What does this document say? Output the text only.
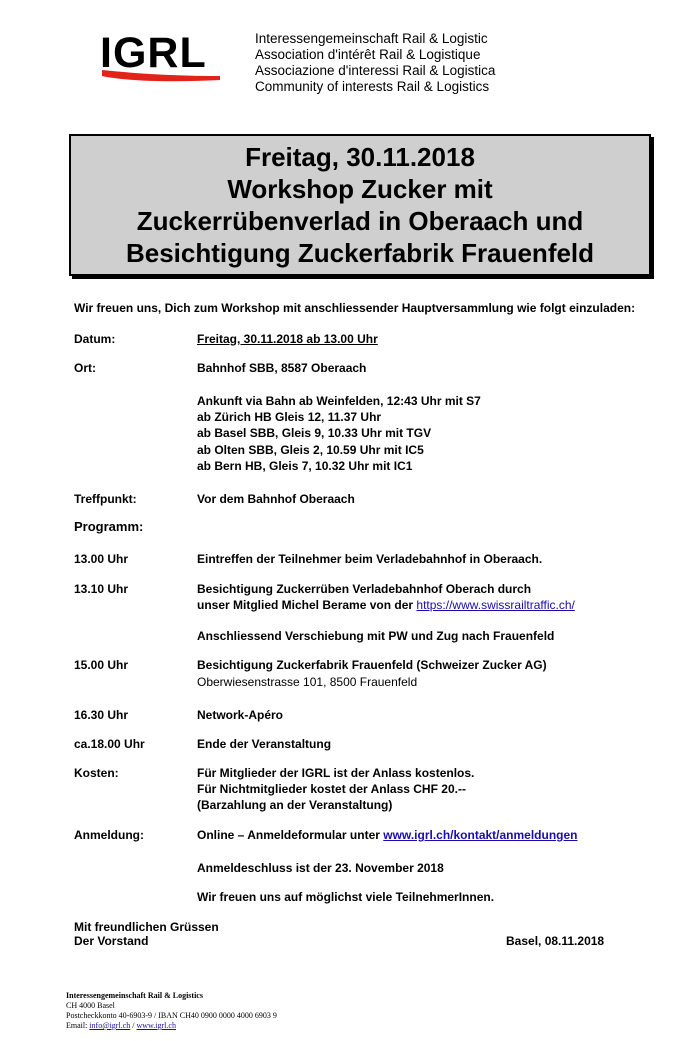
IGRL	Interessengemeinschaft Rail & Logistic
Association d'intérêt Rail & Logistique
Associazione d'interessi Rail & Logistica
Community of interests Rail & Logistics
Freitag, 30.11.2018
Workshop Zucker mit
Zuckerrübenverlad in Oberaach und
Besichtigung Zuckerfabrik Frauenfeld
Wir freuen uns, Dich zum Workshop mit anschliessender Hauptversammlung wie folgt einzuladen:
Datum:	Freitag, 30.11.2018 ab 13.00 Uhr
Ort:	Bahnhof SBB, 8587 Oberaach
Ankunft via Bahn ab Weinfelden, 12:43 Uhr mit S7
ab Zürich HB Gleis 12, 11.37 Uhr
ab Basel SBB, Gleis 9, 10.33 Uhr mit TGV
ab Olten SBB, Gleis 2, 10.59 Uhr mit IC5
ab Bern HB, Gleis 7, 10.32 Uhr mit IC1
Treffpunkt:	Vor dem Bahnhof Oberaach
Programm:
13.00 Uhr	Eintreffen der Teilnehmer beim Verladebahnhof in Oberaach.
13.10 Uhr	Besichtigung Zuckerrüben Verladebahnhof Oberach durch
unser Mitglied Michel Berame von der https://www.swissrailtraffic.ch/
Anschliessend Verschiebung mit PW und Zug nach Frauenfeld
15.00 Uhr	Besichtigung Zuckerfabrik Frauenfeld (Schweizer Zucker AG)
Oberwiesenstrasse 101, 8500 Frauenfeld
16.30 Uhr	Network-Apéro
ca.18.00 Uhr	Ende der Veranstaltung
Kosten:	Für Mitglieder der IGRL ist der Anlass kostenlos.
Für Nichtmitglieder kostet der Anlass CHF 20.--
(Barzahlung an der Veranstaltung)
Anmeldung:	Online – Anmeldeformular unter www.igrl.ch/kontakt/anmeldungen
Anmeldeschluss ist der 23. November 2018
Wir freuen uns auf möglichst viele TeilnehmerInnen.
Mit freundlichen Grüssen
Der Vorstand	Basel, 08.11.2018
Interessengemeinschaft Rail & Logistics
CH 4000 Basel
Postcheckkonto 40-6903-9 / IBAN CH40 0900 0000 4000 6903 9
Email: info@igrl.ch / www.igrl.ch
